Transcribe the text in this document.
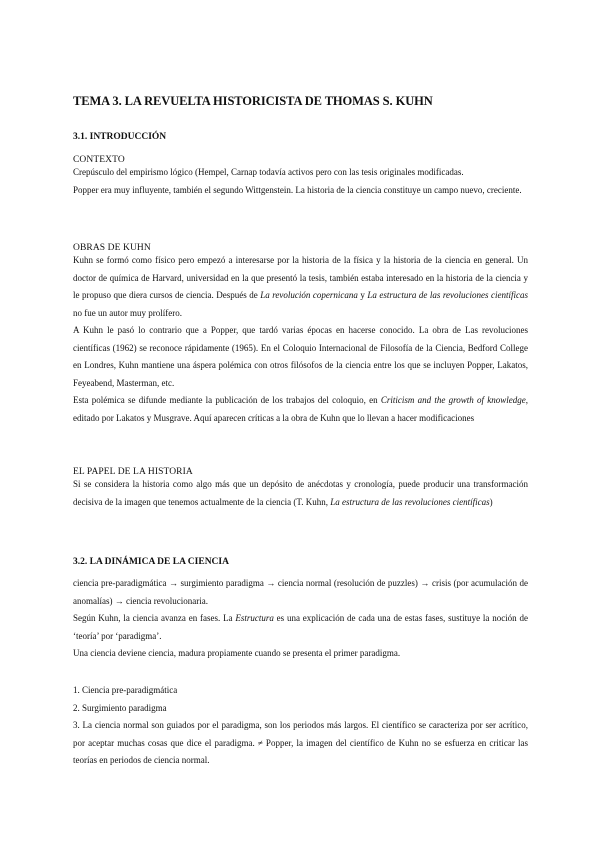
TEMA 3. LA REVUELTA HISTORICISTA DE THOMAS S. KUHN
3.1. INTRODUCCIÓN
CONTEXTO

Crepúsculo del empirismo lógico (Hempel, Carnap todavía activos pero con las tesis originales modificadas.

Popper era muy influyente, también el segundo Wittgenstein. La historia de la ciencia constituye un campo nuevo, creciente.

OBRAS DE KUHN

Kuhn se formó como físico pero empezó a interesarse por la historia de la física y la historia de la ciencia en general. Un doctor de química de Harvard, universidad en la que presentó la tesis, también estaba interesado en la historia de la ciencia y le propuso que diera cursos de ciencia. Después de La revolución copernicana y La estructura de las revoluciones científicas no fue un autor muy prolífero.

A Kuhn le pasó lo contrario que a Popper, que tardó varias épocas en hacerse conocido. La obra de Las revoluciones científicas (1962) se reconoce rápidamente (1965). En el Coloquio Internacional de Filosofía de la Ciencia, Bedford College en Londres, Kuhn mantiene una áspera polémica con otros filósofos de la ciencia entre los que se incluyen Popper, Lakatos, Feyeabend, Masterman, etc.

Esta polémica se difunde mediante la publicación de los trabajos del coloquio, en Criticism and the growth of knowledge, editado por Lakatos y Musgrave. Aquí aparecen críticas a la obra de Kuhn que lo llevan a hacer modificaciones

EL PAPEL DE LA HISTORIA

Si se considera la historia como algo más que un depósito de anécdotas y cronología, puede producir una transformación decisiva de la imagen que tenemos actualmente de la ciencia (T. Kuhn, La estructura de las revoluciones científicas)

3.2. LA DINÁMICA DE LA CIENCIA

ciencia pre-paradigmática → surgimiento paradigma → ciencia normal (resolución de puzzles) → crisis (por acumulación de anomalías) → ciencia revolucionaria.

Según Kuhn, la ciencia avanza en fases. La Estructura es una explicación de cada una de estas fases, sustituye la noción de ‘teoría’ por ‘paradigma’.

Una ciencia deviene ciencia, madura propiamente cuando se presenta el primer paradigma.

1. Ciencia pre-paradigmática

2. Surgimiento paradigma

3. La ciencia normal son guiados por el paradigma, son los periodos más largos. El científico se caracteriza por ser acrítico, por aceptar muchas cosas que dice el paradigma. ≠ Popper, la imagen del científico de Kuhn no se esfuerza en criticar las teorías en periodos de ciencia normal.
